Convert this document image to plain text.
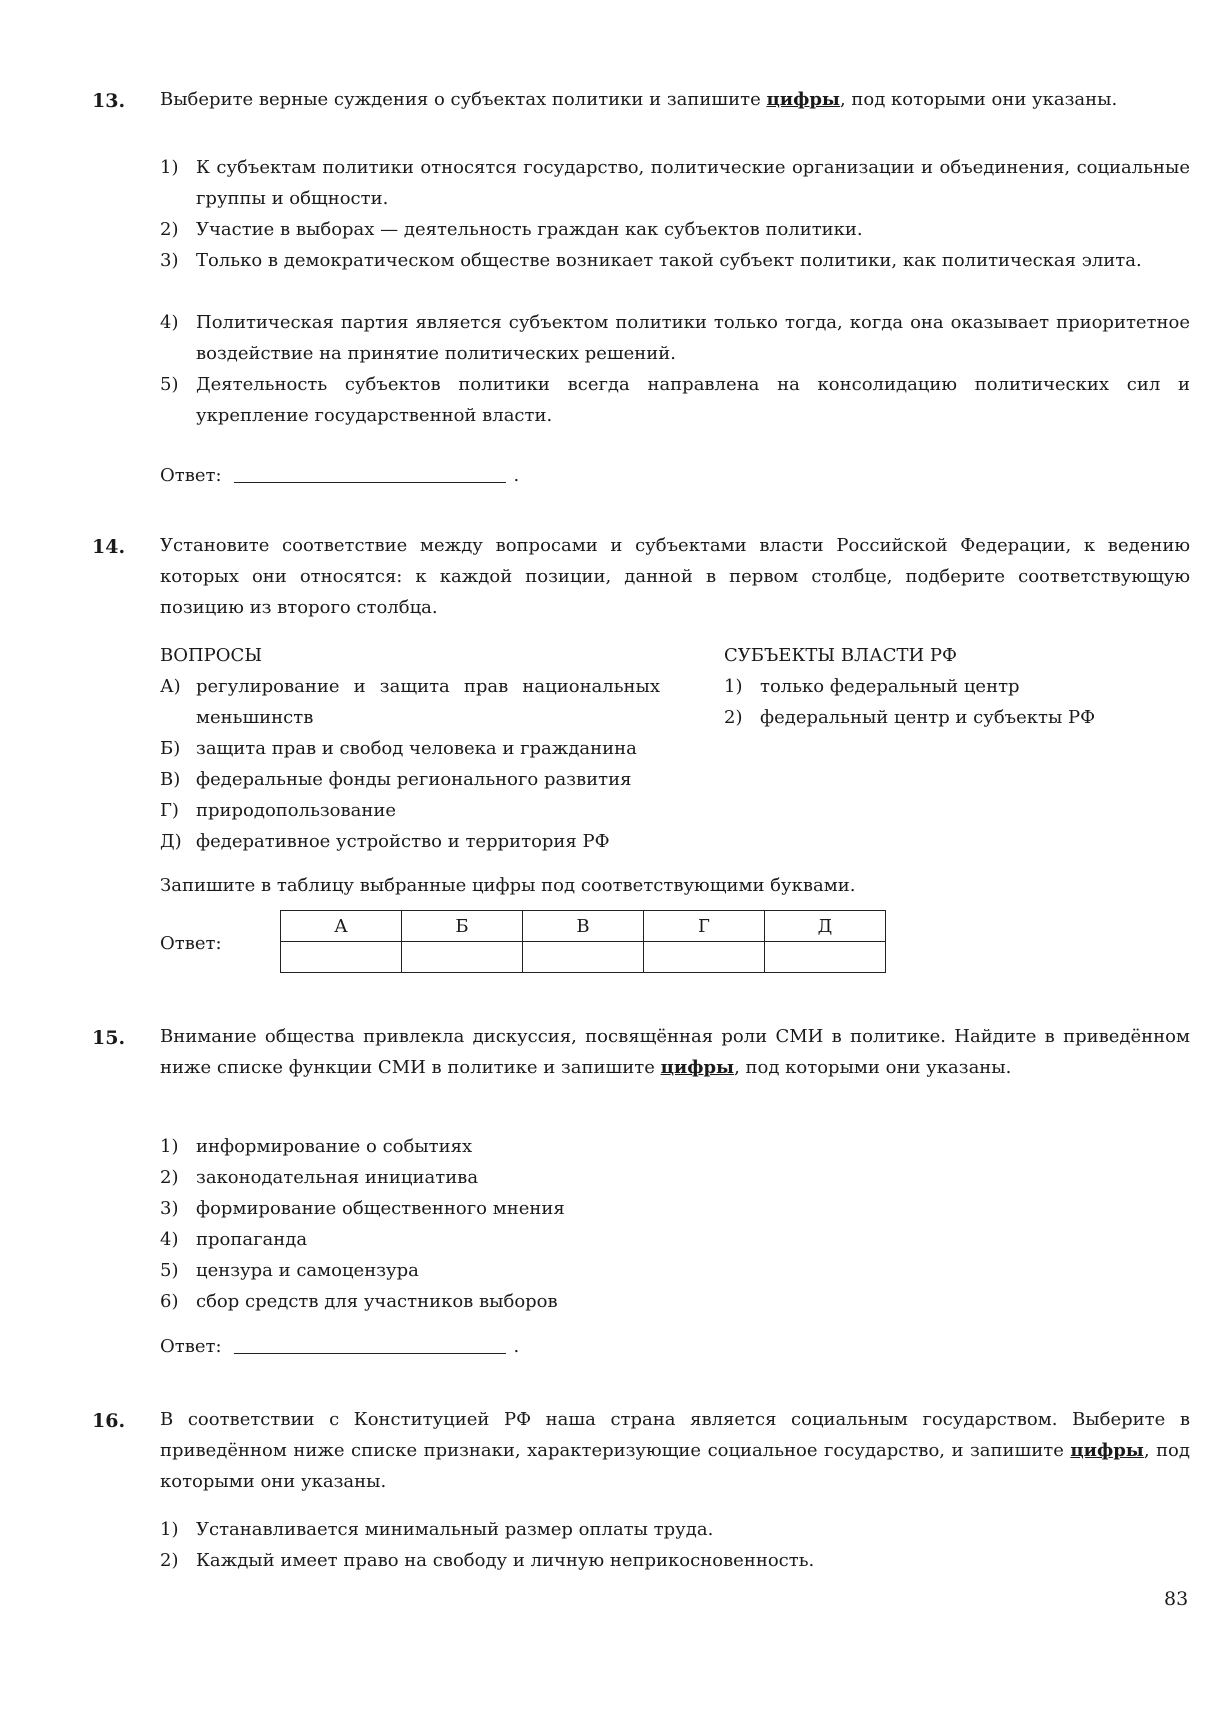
13. Выберите верные суждения о субъектах политики и запишите цифры, под которыми они указаны.
1) К субъектам политики относятся государство, политические организации и объединения, социальные группы и общности.
2) Участие в выборах — деятельность граждан как субъектов политики.
3) Только в демократическом обществе возникает такой субъект политики, как политическая элита.
4) Политическая партия является субъектом политики только тогда, когда она оказывает приоритетное воздействие на принятие политических решений.
5) Деятельность субъектов политики всегда направлена на консолидацию политических сил и укрепление государственной власти.
Ответ:	.
14. Установите соответствие между вопросами и субъектами власти Российской Федерации, к ведению которых они относятся: к каждой позиции, данной в первом столбце, подберите соответствующую позицию из второго столбца.
ВОПРОСЫ	СУБЪЕКТЫ ВЛАСТИ РФ
А) регулирование и защита прав национальных меньшинств
Б) защита прав и свобод человека и гражданина
В) федеральные фонды регионального развития
Г) природопользование
Д) федеративное устройство и территория РФ
1) только федеральный центр
2) федеральный центр и субъекты РФ
Запишите в таблицу выбранные цифры под соответствующими буквами.
Ответ:
А	Б	В	Г	Д

15. Внимание общества привлекла дискуссия, посвящённая роли СМИ в политике. Найдите в приведённом ниже списке функции СМИ в политике и запишите цифры, под которыми они указаны.
1) информирование о событиях
2) законодательная инициатива
3) формирование общественного мнения
4) пропаганда
5) цензура и самоцензура
6) сбор средств для участников выборов
Ответ:	.
16. В соответствии с Конституцией РФ наша страна является социальным государством. Выберите в приведённом ниже списке признаки, характеризующие социальное государство, и запишите цифры, под которыми они указаны.
1) Устанавливается минимальный размер оплаты труда.
2) Каждый имеет право на свободу и личную неприкосновенность.
83
